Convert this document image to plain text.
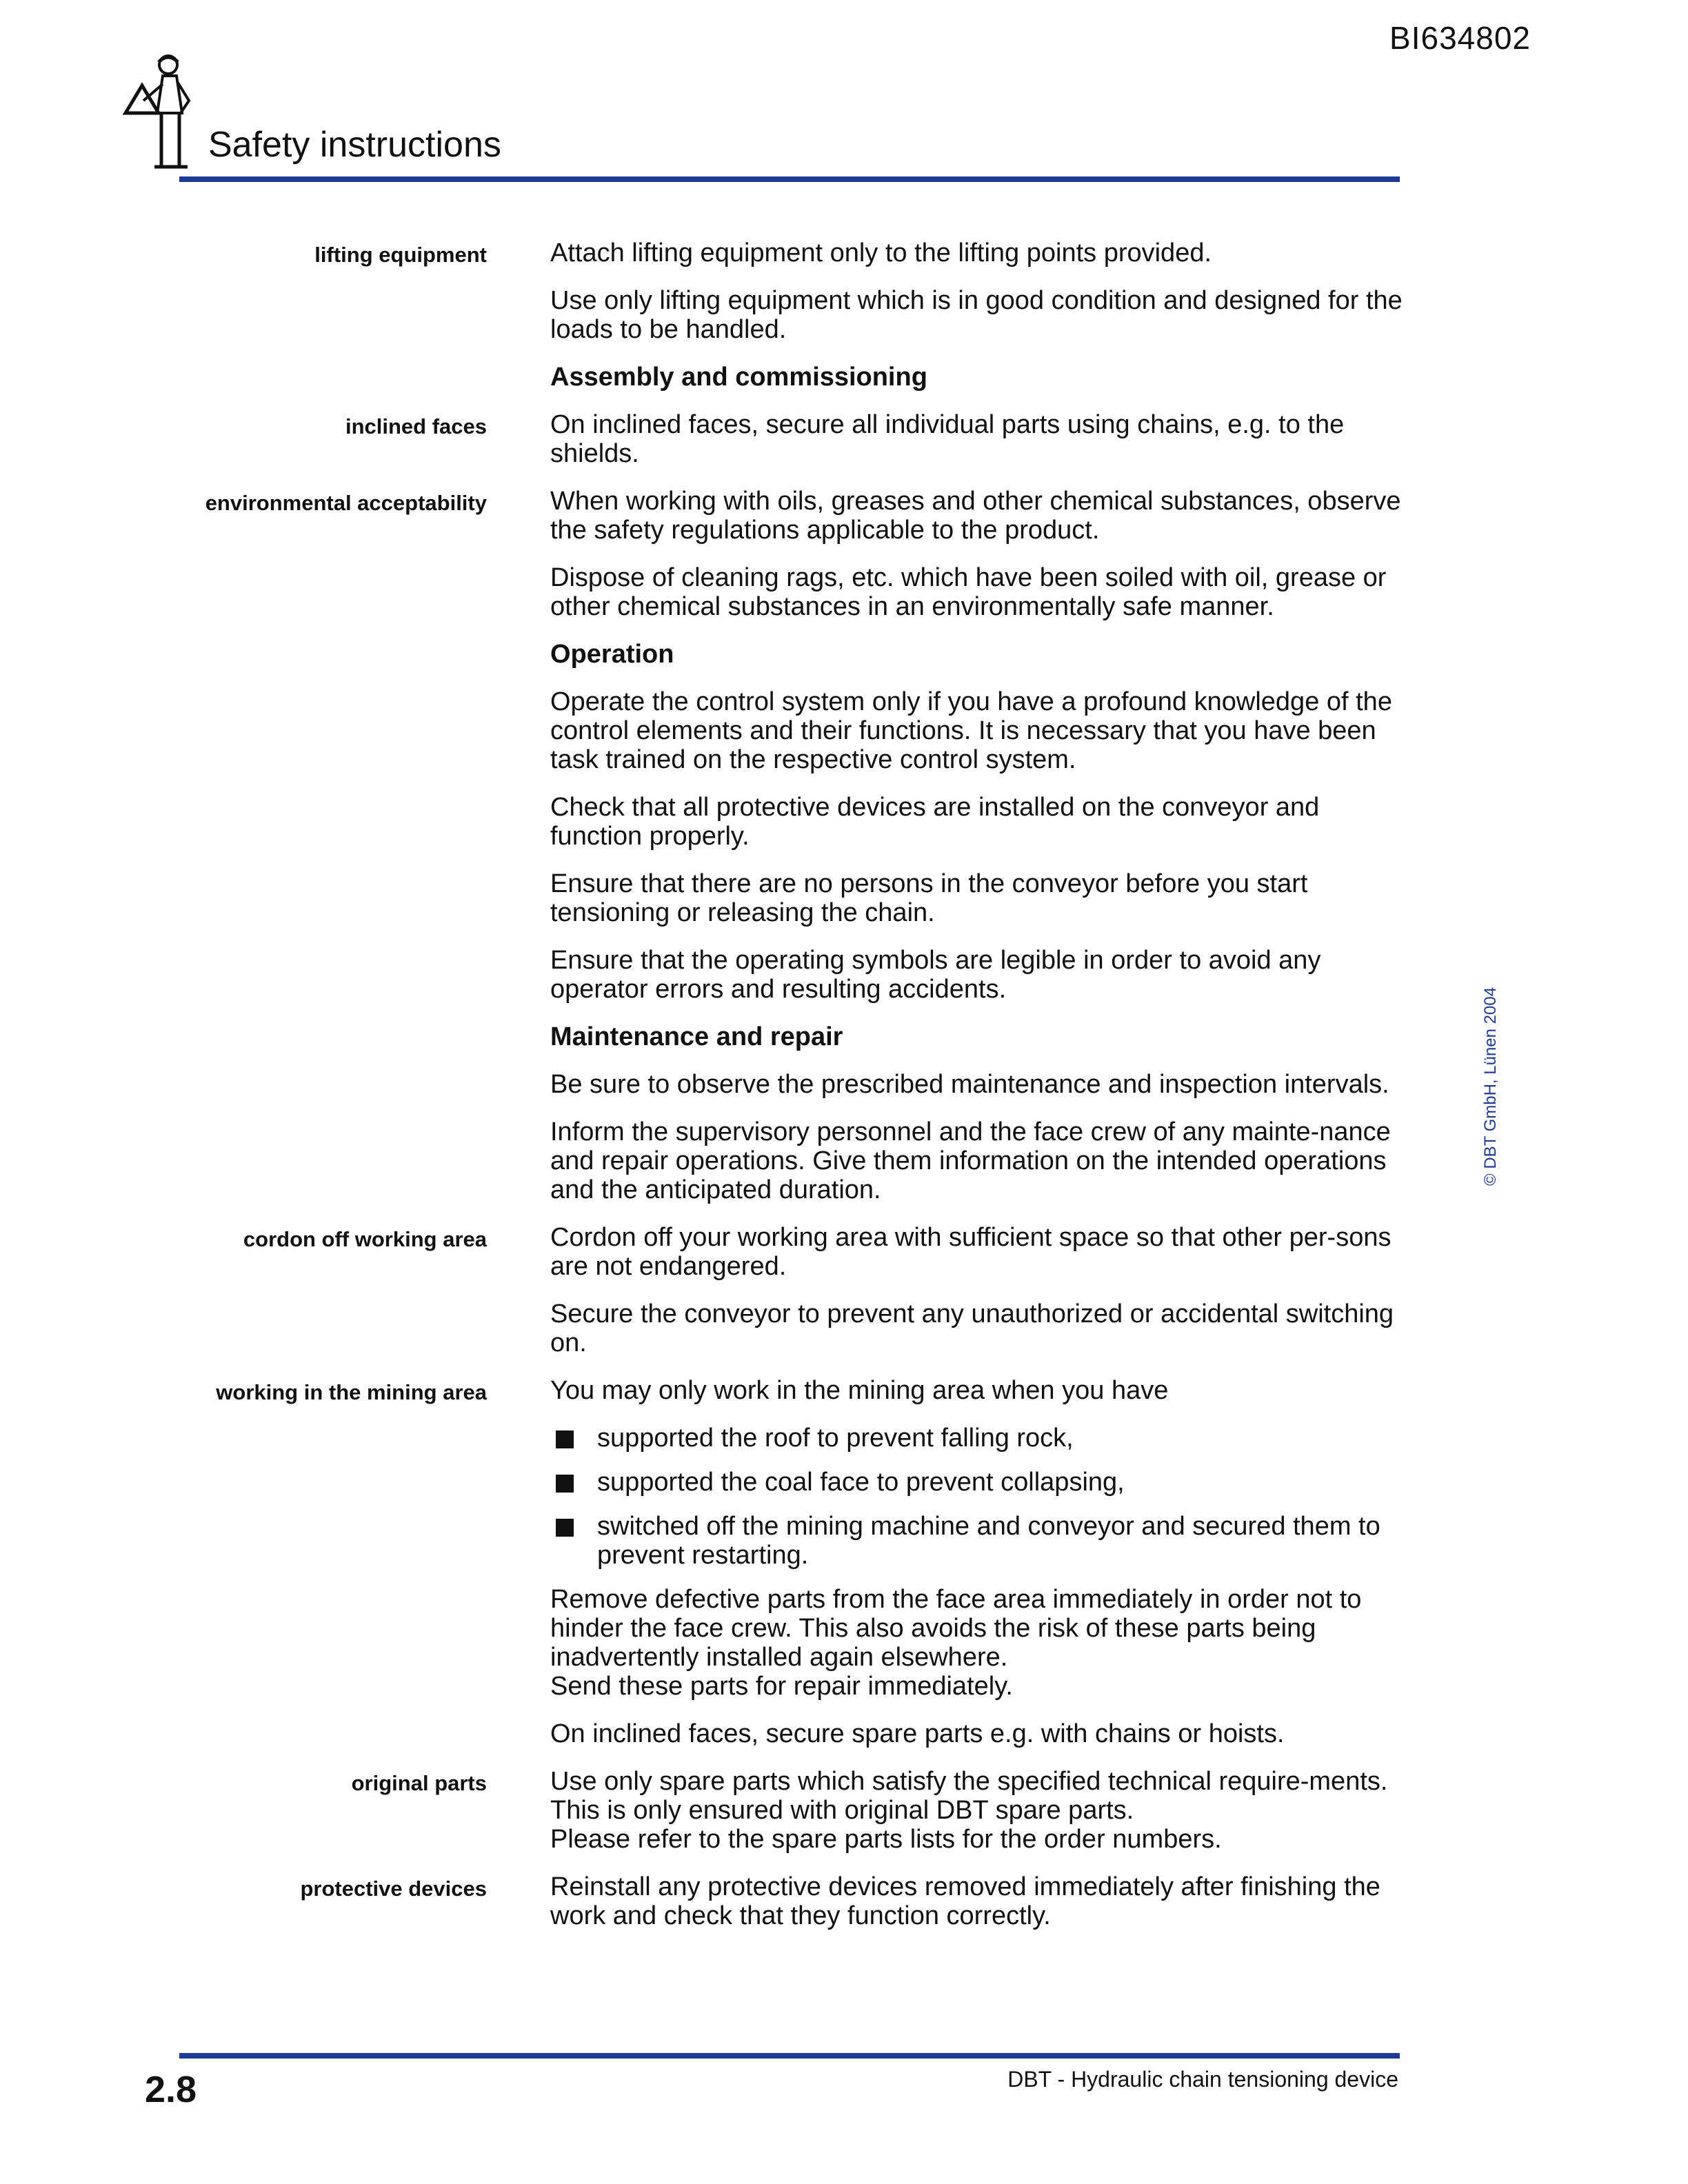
BI634802
Safety instructions
© DBT GmbH, Lünen 2004
lifting equipment Attach lifting equipment only to the lifting points provided.
Use only lifting equipment which is in good condition and designed for the loads to be handled.
Assembly and commissioning
inclined faces On inclined faces, secure all individual parts using chains, e.g. to the shields.
environmental acceptability When working with oils, greases and other chemical substances, observe the safety regulations applicable to the product.
Dispose of cleaning rags, etc. which have been soiled with oil, grease or other chemical substances in an environmentally safe manner.
Operation
Operate the control system only if you have a profound knowledge of the control elements and their functions. It is necessary that you have been task trained on the respective control system.
Check that all protective devices are installed on the conveyor and function properly.
Ensure that there are no persons in the conveyor before you start tensioning or releasing the chain.
Ensure that the operating symbols are legible in order to avoid any operator errors and resulting accidents.
Maintenance and repair
Be sure to observe the prescribed maintenance and inspection intervals.
Inform the supervisory personnel and the face crew of any mainte-nance and repair operations. Give them information on the intended operations and the anticipated duration.
cordon off working area Cordon off your working area with sufficient space so that other per-sons are not endangered.
Secure the conveyor to prevent any unauthorized or accidental switching on.
working in the mining area You may only work in the mining area when you have
supported the roof to prevent falling rock,
supported the coal face to prevent collapsing,
switched off the mining machine and conveyor and secured them to prevent restarting.
Remove defective parts from the face area immediately in order not to hinder the face crew. This also avoids the risk of these parts being inadvertently installed again elsewhere.
Send these parts for repair immediately.
On inclined faces, secure spare parts e.g. with chains or hoists.
original parts Use only spare parts which satisfy the specified technical require-ments. This is only ensured with original DBT spare parts.
Please refer to the spare parts lists for the order numbers.
protective devices Reinstall any protective devices removed immediately after finishing the work and check that they function correctly.
2.8	DBT - Hydraulic chain tensioning device
